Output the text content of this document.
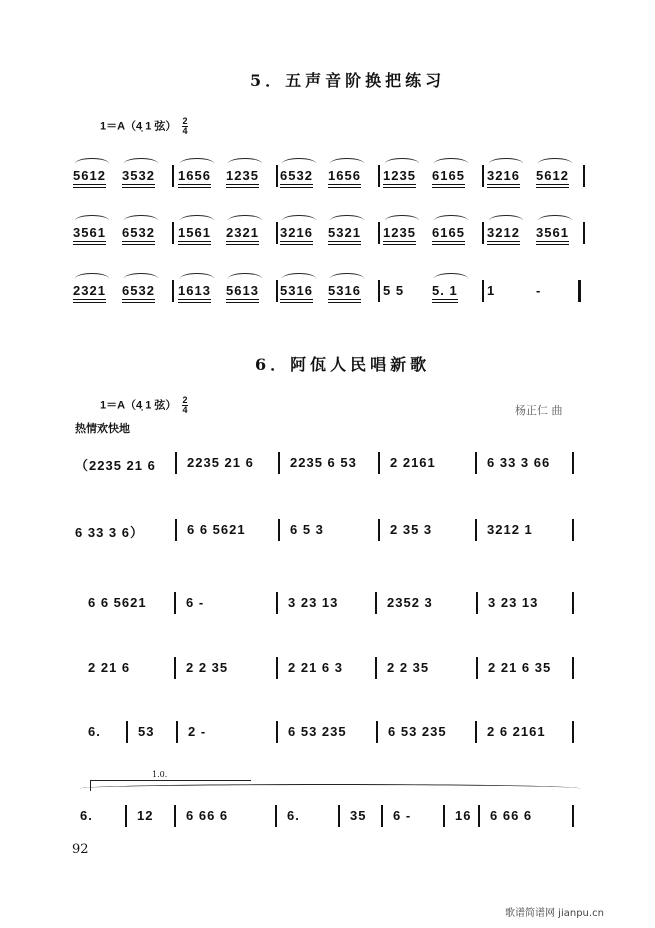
5．五声音阶换把练习
1＝A（4̣ 1 弦） $\frac{2}{4}$
5612 3532 1656 1235 6532 1656 1235 6165 3216 5612
3561 6532 1561 2321 3216 5321 1235 6165 3212 3561
2321 6532 1613 5613 5316 5316 5 5 5. 1 1	-
6．阿佤人民唱新歌
1＝A（4̣ 1 弦） $\frac{2}{4}$	杨正仁 曲
热情欢快地
（2235 21 6 2235 21 6	2235 6 53	2 2161	6 33 3 66
6 33 3 6）	6 6 5621	6 5 3	2 35 3	3212 1
6 6 5621	6 -	3 23 13	2352 3	3 23 13
2 21 6	2 2 35	2 21 6 3	2 2 35	2 21 6 35
6.	53	2 -	6 53 235	6 53 235	2 6 2161
6.	12	6 66 6	6.	35 6 -	16 6 66 6
1.0.
92
歌谱简谱网 jianpu.cn
